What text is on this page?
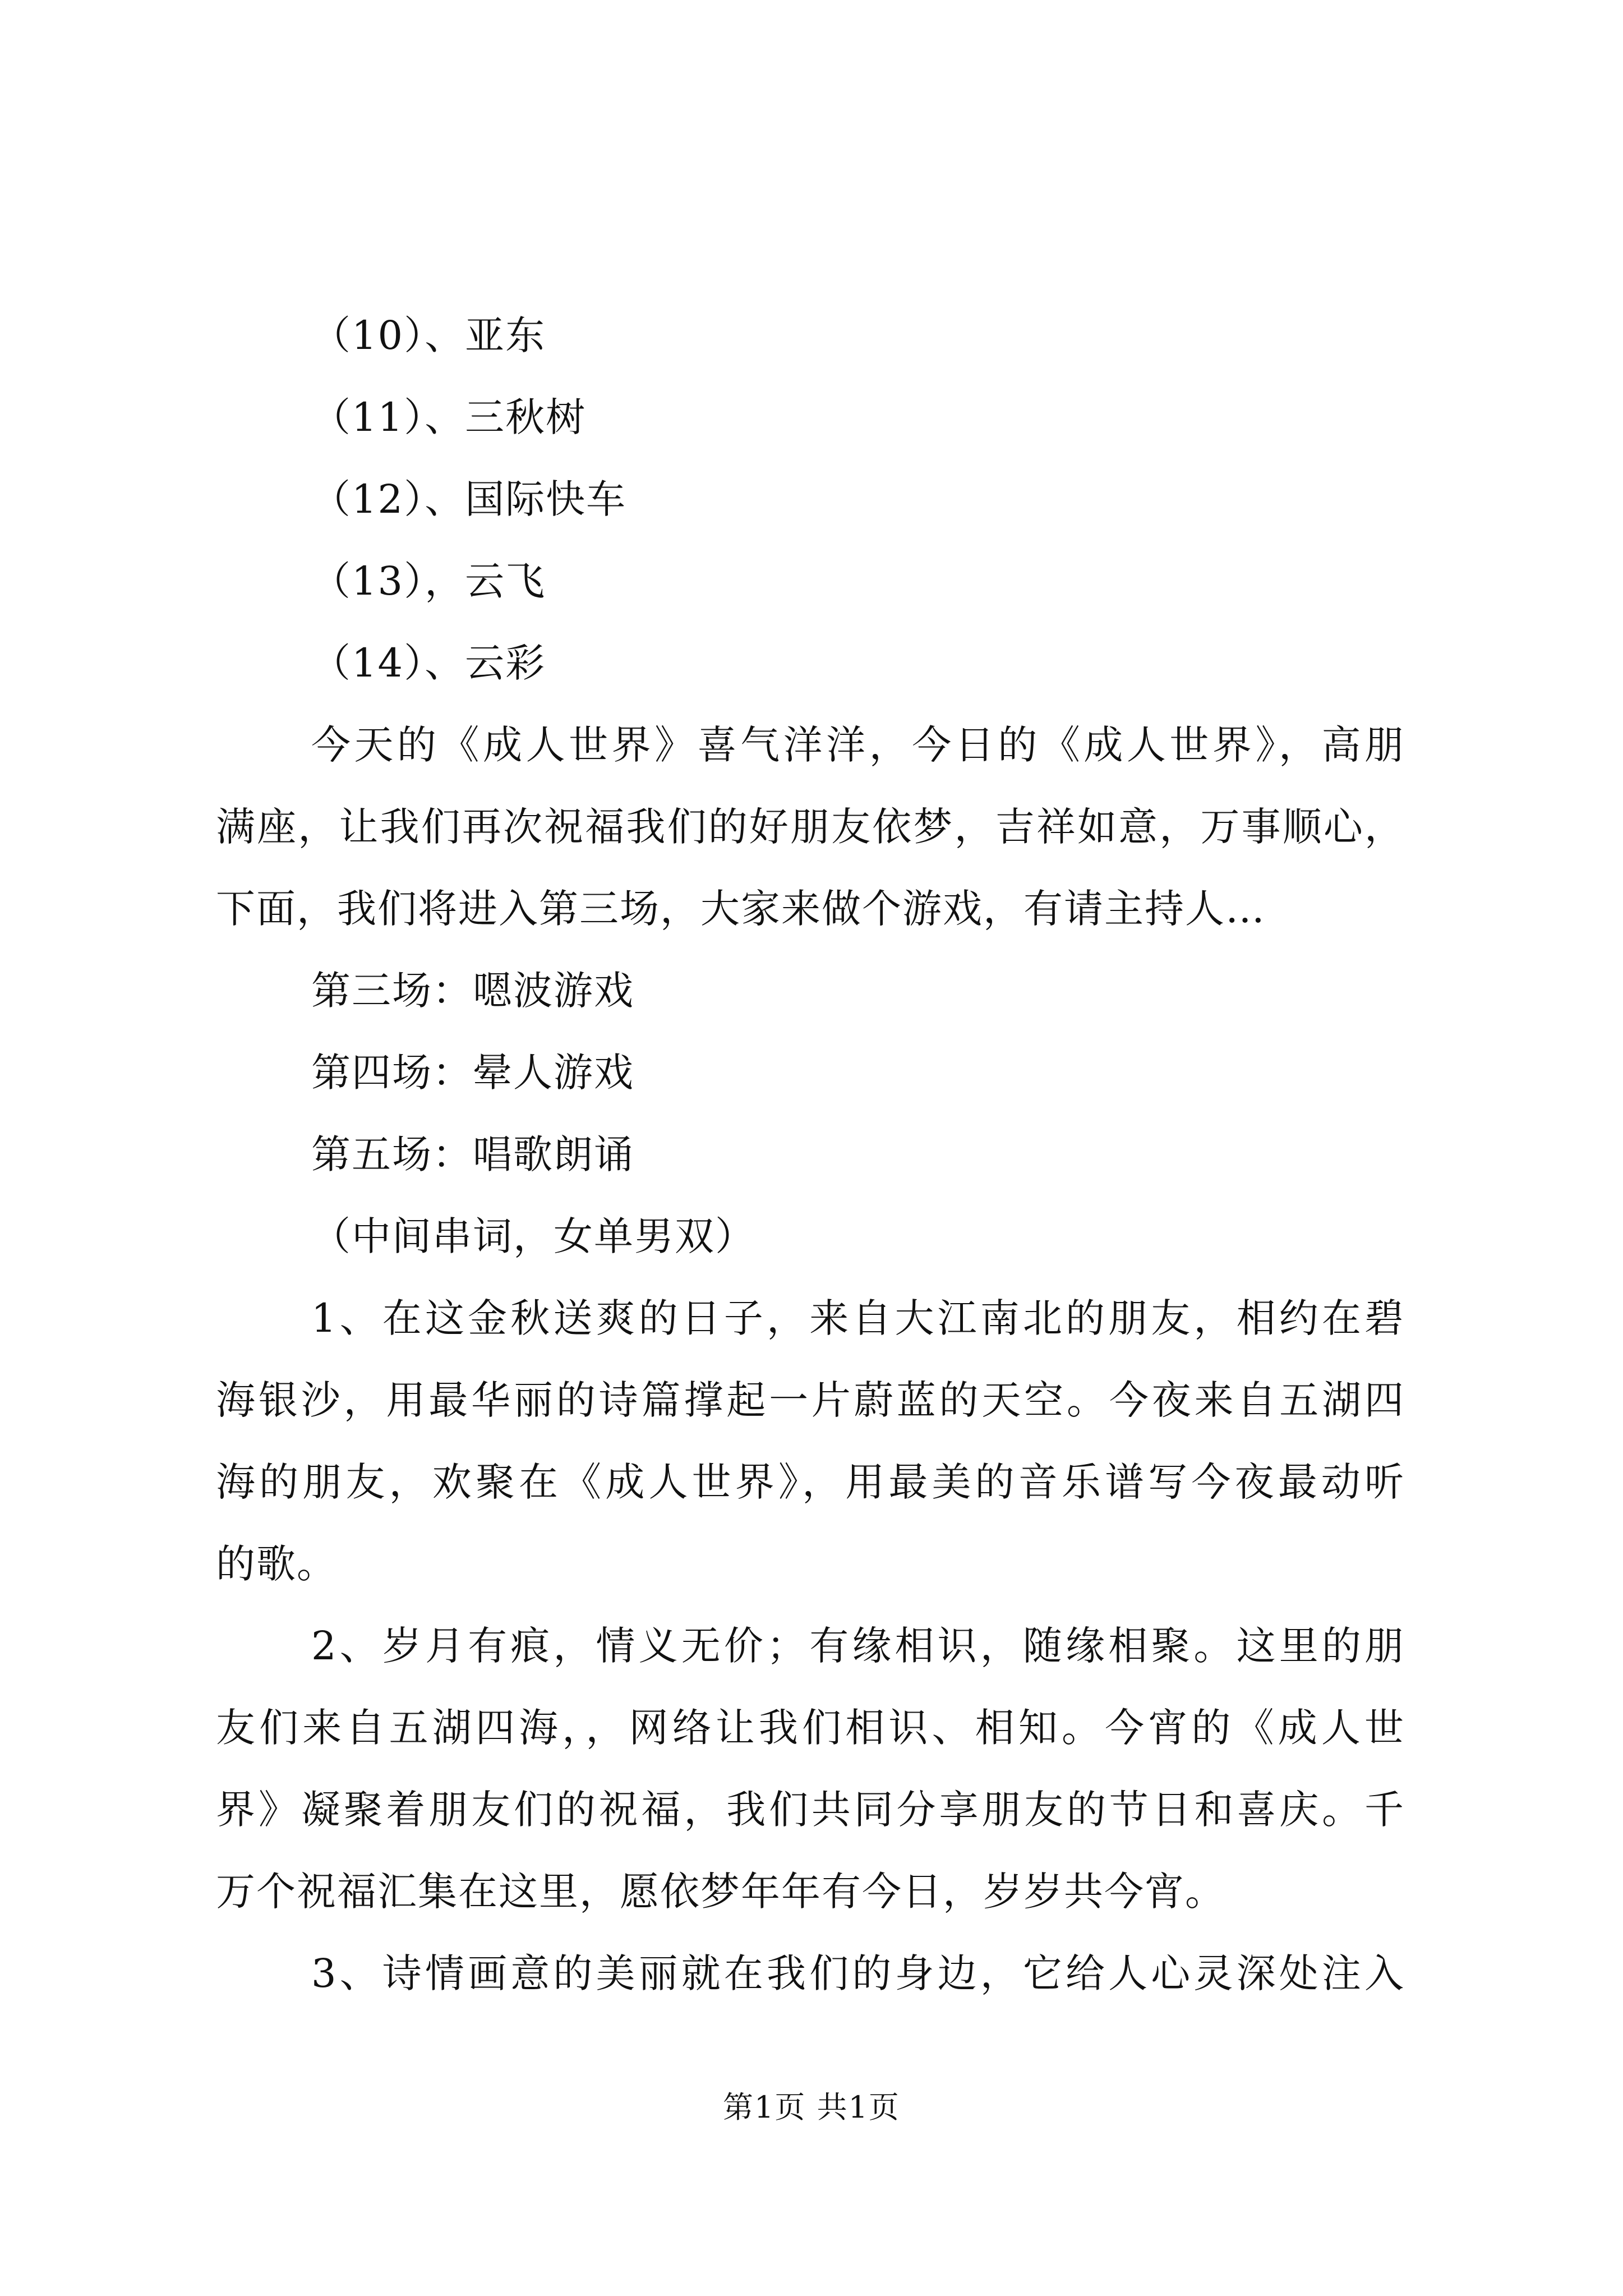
（10）、亚东
（11）、三秋树
（12）、国际快车
（13），云飞
（14）、云彩
今天的《成人世界》喜气洋洋，今日的《成人世界》，高朋
满座，让我们再次祝福我们的好朋友依梦，吉祥如意，万事顺心，
下面，我们将进入第三场，大家来做个游戏，有请主持人…
第三场：嗯波游戏
第四场：晕人游戏
第五场：唱歌朗诵
（中间串词，女单男双）
1、在这金秋送爽的日子，来自大江南北的朋友，相约在碧
海银沙，用最华丽的诗篇撑起一片蔚蓝的天空。今夜来自五湖四
海的朋友，欢聚在《成人世界》，用最美的音乐谱写今夜最动听
的歌。
2、岁月有痕，情义无价；有缘相识，随缘相聚。这里的朋
友们来自五湖四海，，网络让我们相识、相知。今宵的《成人世
界》凝聚着朋友们的祝福，我们共同分享朋友的节日和喜庆。千
万个祝福汇集在这里，愿依梦年年有今日，岁岁共今宵。
3、诗情画意的美丽就在我们的身边，它给人心灵深处注入
第1页 共1页
